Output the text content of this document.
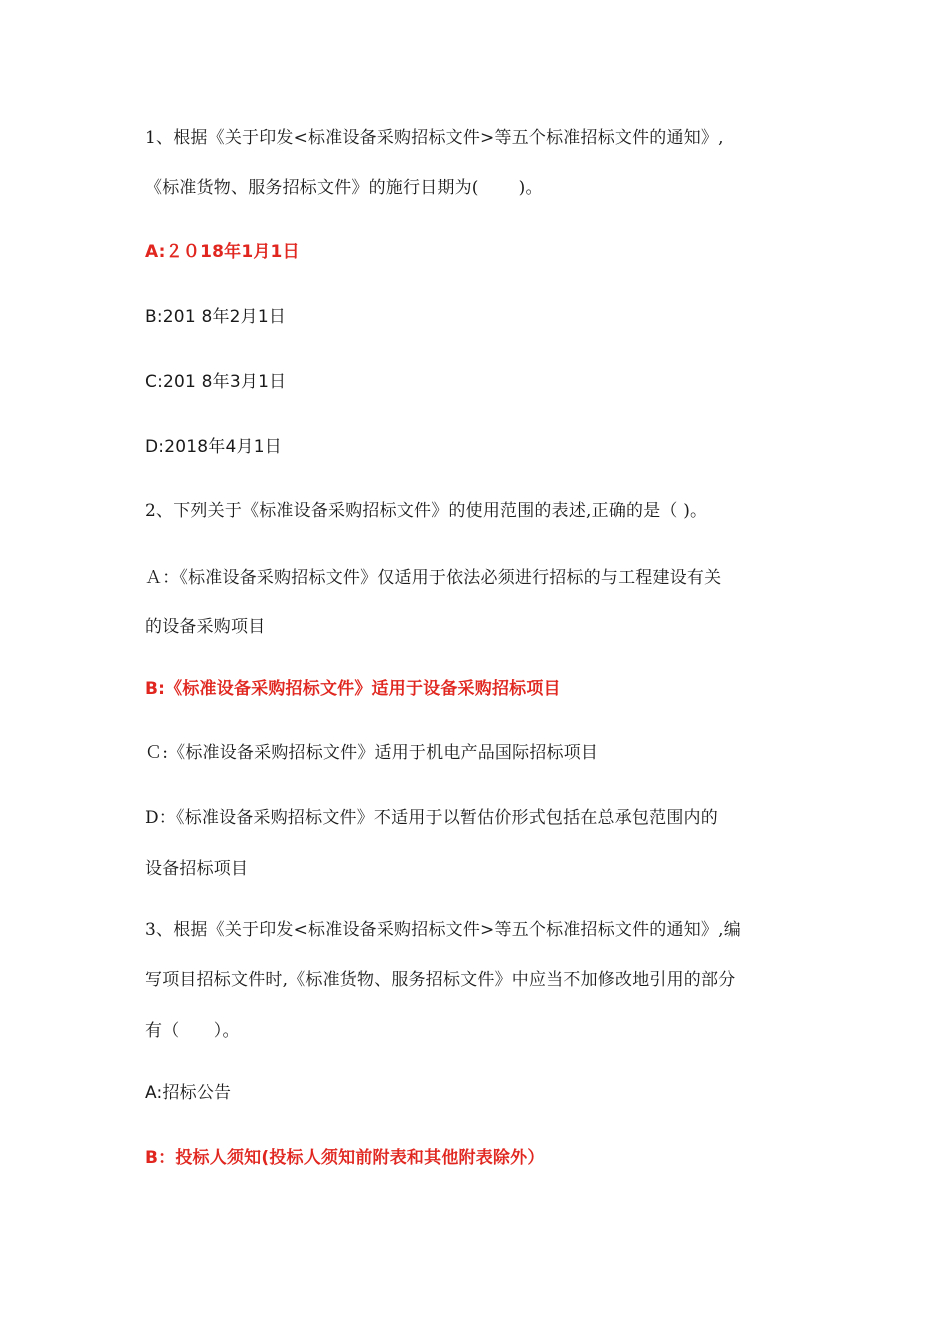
1、根据《关于印发<标准设备采购招标文件>等五个标准招标文件的通知》,
《标准货物、服务招标文件》的施行日期为(　　 )。
A:２０18年1月1日
B:201 8年2月1日
C:201 8年3月1日
D:2018年4月1日
2、下列关于《标准设备采购招标文件》的使用范围的表述,正确的是（ )。
Ａ：《标准设备采购招标文件》仅适用于依法必须进行招标的与工程建设有关
的设备采购项目
B:《标准设备采购招标文件》适用于设备采购招标项目
Ｃ:《标准设备采购招标文件》适用于机电产品国际招标项目
D：《标准设备采购招标文件》不适用于以暂估价形式包括在总承包范围内的
设备招标项目
3、根据《关于印发<标准设备采购招标文件>等五个标准招标文件的通知》,编
写项目招标文件时,《标准货物、服务招标文件》中应当不加修改地引用的部分
有（　　）。
A:招标公告
B：投标人须知(投标人须知前附表和其他附表除外）
